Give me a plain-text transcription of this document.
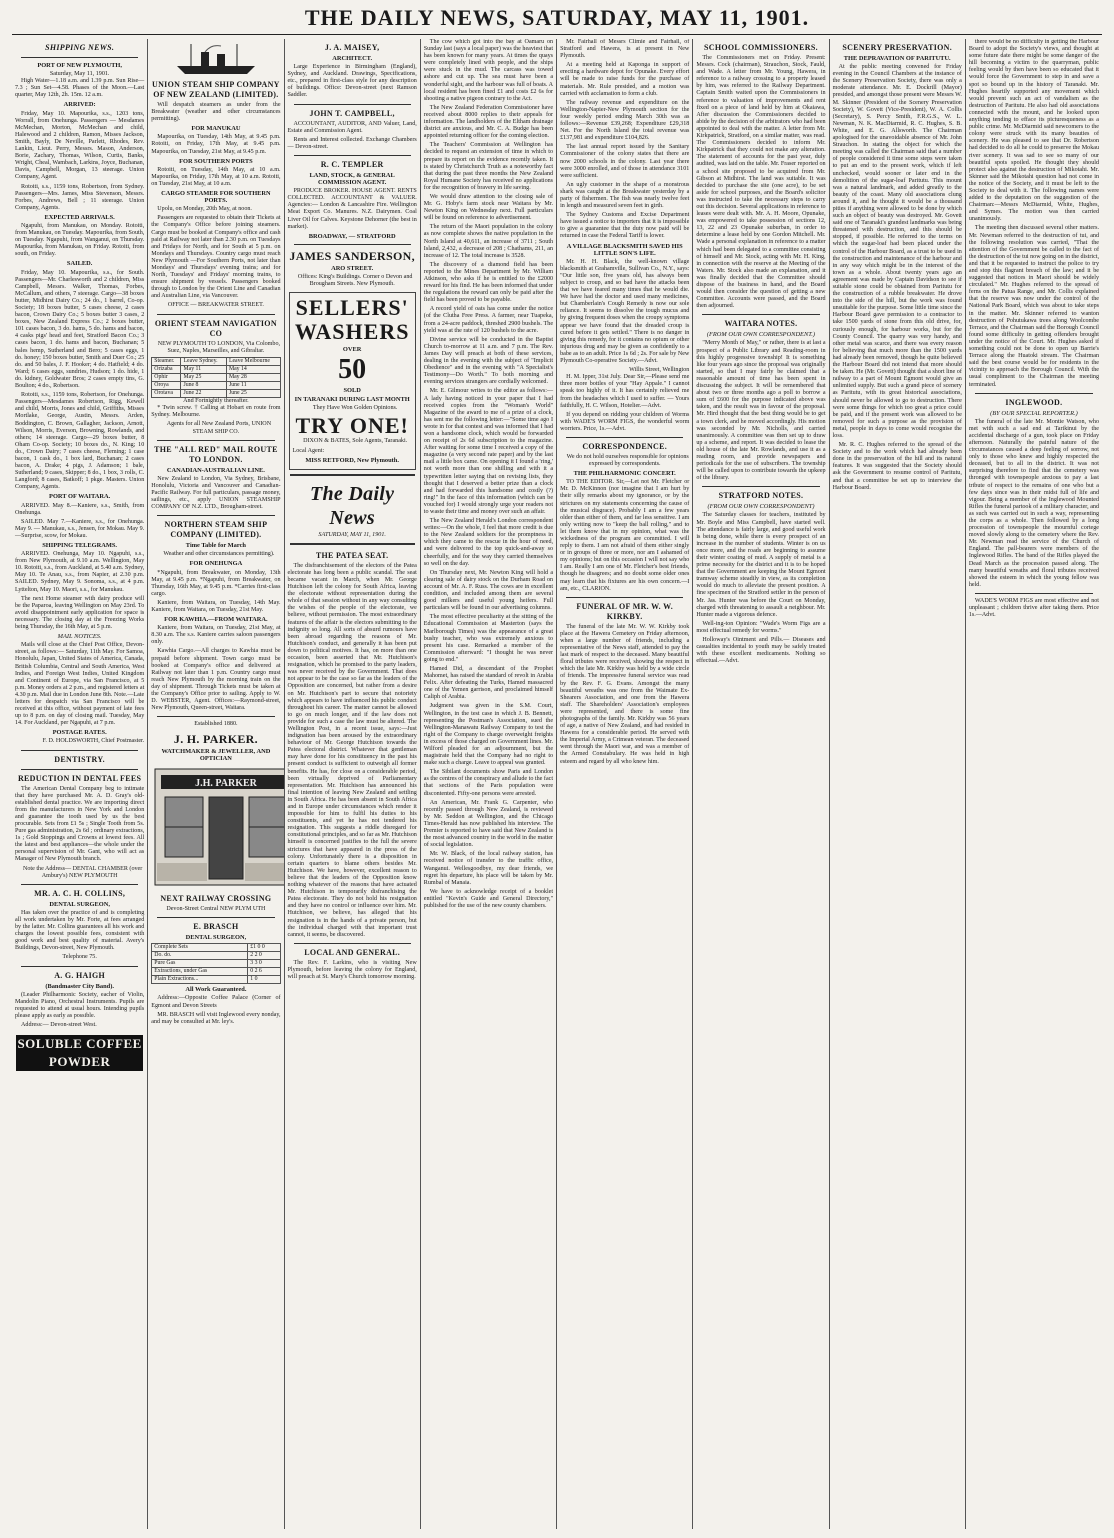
THE DAILY NEWS, SATURDAY, MAY 11, 1901.
SHIPPING NEWS.
PORT OF NEW PLYMOUTH,
Saturday, May 11, 1901.

High Water—1.18 a.m. and 1.39 p.m. Sun Rise—7.3 ; Sun Set—4.58. Phases of the Moon.—Last quarter, May 12th, 2h. 15m. 12 a.m.

ARRIVED:

Friday, May 10. Mapourika, s.s., 1203 tons, Worrall, from Onehunga. Passengers — Mesdames McMechan, Morton, McMechan and child, Halewood and 2 children, Ramon, Misses Jackson, Smith, Bayly, De Neville, Parlett, Rhodes, Rev. Lankin, Lieut. Perry, Messrs. Mason, Anderson, Borie, Zachary, Thomas, Wilson, Curtis, Banks, Wright, Cheal, Wambach, Larkins, Joyce, Buchanan, Davis, Campbell, Morgan, 13 steerage. Union Company, Agent.

Rotoiti, s.s., 1159 tons, Robertson, from Sydney. Passengers—Mrs. James, Miss Stevenson, Messrs. Forbes, Andrews, Bell ; 11 steerage. Union Company, Agents.

EXPECTED ARRIVALS.

Ngapuhi, from Manukau, on Monday. Rotoiti, from Manukau, on Tuesday. Mapourika, from South, on Tuesday. Ngapuhi, from Wanganui, on Thursday. Mapourika, from Manukau, on Friday. Rotoiti, from south, on Friday.

SAILED.

Friday, May 10. Mapourika, s.s., for South. Passengers—Mr. Charlesworth and 2 children, Miss Campbell, Messrs. Walker, Thomas, Forbes, McCallum, and others, 7 steerage. Cargo—38 boxes butter, Midhirst Dairy Co.; 24 do., 1 barrel, Co-op. Society; 18 boxes butter, 5 cases cheese, 2 cases bacon, Crown Dairy Co.; 5 boxes butter 3 cases, 2 boxes, New Zealand Express Co.; 2 boxes butter, 101 cases bacon, 3 do. hams, 5 do. hams and bacon, 4 casks pigs' head and feet, Stratford Bacon Co.; 3 cases bacon, 1 do. hams and bacon, Buchanan; 5 bales hemp, Sutherland and Bero; 5 cases eggs, 1 do. honey; 150 boxes butter, Smith and Duer Co.; 25 do. and 50 bales, J. F. Hooker; 4 do. Hatfield; 4 do. Ward; 6 cases eggs, sundries, Hudson; 1 do. hide, 1 do. kidney, Goldwater Bros; 2 cases empty tins, G. Boulton; 4 do., Robertson.

Rotoiti, s.s., 1159 tons, Robertson, for Onehunga. Passengers—Mesdames Robertson, Rigg, Kewell and child, Morris, Jones and child, Griffiths, Misses Mortlake, George, Austin, Messrs. Arden, Boddington, C. Brown, Gallagher, Jackson, Arnott, Wilson, Morris, Everson, Browning, Rowlands, and others; 14 steerage. Cargo—29 boxes butter, 8 Oham Co-op. Society; 10 boxes do., N. King; 10 do., Crown Dairy; 7 cases cheese, Fleming; 1 case bacon, 1 cask do., 1 box lard, Buchanan; 2 cases bacon, A. Drake; 4 pigs, J. Adamson; 1 bale, Sutherland; 9 cases, Skipper; 8 do., 1 box, 3 rolls, C. Langford; 8 cases, Batkoff; 1 pkge. Masters. Union Company, Agents.

PORT OF WAITARA.

ARRIVED. May 8.—Kaniere, s.s., Smith, from Onehunga.

SAILED. May 7.—Kaniere, s.s., for Onehunga. May 9. — Manukau, s.s., Jensen, for Mokau. May 9.—Surprise, scow, for Mokau.

SHIPPING TELEGRAMS.

ARRIVED. Onehunga, May 10. Ngapuhi, s.s., from New Plymouth, at 9.10 a.m. Wellington, May 10. Rotoiti, s.s., from Auckland, at 5.40 a.m. Sydney, May 10. Te Anau, s.s., from Napier, at 2.30 p.m. SAILED. Sydney, May 9. Sonoma, s.s., at 4 p.m. Lyttelton, May 10. Maori, s.s., for Manukau.

The next Home steamer with dairy produce will be the Paparoa, leaving Wellington on May 23rd. To avoid disappointment early application for space is necessary. The closing day at the Freezing Works being Thursday, the 16th May, at 5 p.m.

MAIL NOTICES.

Mails will close at the Chief Post Office, Devon-street, as follows:— Saturday, 11th May. For Samoa, Honolulu, Japan, United States of America, Canada, British Columbia, Central and South America, West Indies, and Foreign West Indies, United Kingdom and Continent of Europe, via San Francisco, at 5 p.m. Money orders at 2 p.m., and registered letters at 4.30 p.m. Mail due in London June 8th. Note.—Late letters for despatch via San Francisco will be received at this office, without payment of late fees up to 8 p.m. on day of closing mail. Tuesday, May 14. For Auckland, per Ngapuhi, at 7 p.m.

POSTAGE RATES.
F. D. HOLDSWORTH, Chief Postmaster.
DENTISTRY.
REDUCTION IN DENTAL FEES

The American Dental Company beg to intimate that they have purchased Mr. A. D. Gray's old-established dental practice. We are importing direct from the manufacturers in New York and London and guarantee the tooth used by us the best procurable. Sets from £1 5s ; Single Tooth from 5s. Pure gas administration, 2s 6d ; ordinary extractions, 1s ; Gold Stoppings and Crowns at lowest fees. All the latest and best appliances—the whole under the personal supervision of Mr. Gant, who will act as Manager of New Plymouth branch.

Note the Address— DENTAL CHAMBER (over Ambury's) NEW PLYMOUTH

MR. A. C. H. COLLINS,
DENTAL SURGEON,

Has taken over the practice of and is completing all work undertaken by Mr. Forte, at fees arranged by the latter. Mr. Collins guarantees all his work and charges the lowest possible fees, consistent with good work and best quality of material. Avery's Buildings, Devon-street, New Plymouth.

Telephone 75.
A. G. HAIGH
(Bandmaster City Band).

(Leader Philharmonic Society, eacher of Violin, Mandolin Piano, Orchestral Instruments. Pupils are requested to attend at usual hours. Intending pupils please apply as early as possible.

Address:— Devon-street West.

SOLUBLE COFFEE POWDER
UNION STEAM SHIP COMPANY OF NEW ZEALAND (LIMITED).

Will despatch steamers as under from the Breakwater (weather and other circumstances permitting).

FOR MANUKAU

Mapourika, on Tuesday, 14th May, at 9.45 p.m. Rotoiti, on Friday, 17th May, at 9.45 p.m. Mapourika, on Tuesday, 21st May, at 9.45 p.m.

FOR SOUTHERN PORTS

Rotoiti, on Tuesday, 14th May, at 10 a.m. Mapourika, on Friday, 17th May, at 10 a.m. Rotoiti, on Tuesday, 21st May, at 10 a.m.

CARGO STEAMER FOR SOUTHERN PORTS.

Upolu, on Monday, 20th May, at noon.

Passengers are requested to obtain their Tickets at the Company's Office before joining steamers. Cargo must be booked at Company's office and cash paid at Railway not later than 2.30 p.m. on Tuesdays and Fridays for North, and for South at 5 p.m. on Mondays and Thursdays. Country cargo must reach New Plymouth —For Southern Ports, not later than Mondays' and Thursdays' evening trains; and for North, Tuesdays' and Fridays' morning trains, to ensure shipment by vessels. Passengers booked through to London by the Orient Line and Canadian and Australian Line, via Vancouver.

OFFICE — BREAKWATER STREET.
ORIENT STEAM NAVIGATION CO

NEW PLYMOUTH TO LONDON, Via Colombo, Suez, Naples, Marseilles, and Gibraltar.

Steamer.	Leave Sydney.	Leave Melbourne
Orizaba	May 11	May 14
Ophir	May 25	May 28
Oroya	June 8	June 11
Orotava	June 22	June 25
And Fortnightly thereafter.

* Twin screw. † Calling at Hobart en route from Sydney. Melbourne.

Agents for all New Zealand Ports, UNION STEAM SHIP CO.

THE "ALL RED" MAIL ROUTE TO LONDON.
CANADIAN-AUSTRALIAN LINE.

New Zealand to London, Via Sydney, Brisbane, Honolulu, Victoria and Vancouver and Canadian-Pacific Railway. For full particulars, passage money, sailings, etc., apply UNION STEAMSHIP COMPANY OF N.Z. LTD., Brougham-street.

NORTHERN STEAM SHIP COMPANY (LIMITED).
Time Table for March

Weather and other circumstances permitting).

FOR ONEHUNGA

*Ngapuhi, from Breakwater, on Monday, 13th May, at 9.45 p.m. *Ngapuhi, from Breakwater, on Thursday, 16th May, at 9.45 p.m. *Carries first-class cargo.

Kaniere, from Waitara, on Tuesday, 14th May. Kaniere, from Waitara, on Tuesday, 21st May.

FOR KAWHIA.—FROM WAITARA.

Kaniere, from Waitara, on Tuesday, 21st May, at 8.30 a.m. The s.s. Kaniere carries saloon passengers only.

Kawhia Cargo.—All charges to Kawhia must be prepaid before shipment. Town cargo must be booked at Company's office and delivered at Railway not later than 1 p.m. Country cargo must reach New Plymouth by the morning train on the day of shipment. Through Tickets must be taken at the Company's Office prior to sailing. Apply to W. D. WEBSTER, Agent. Offices:—Raymond-street, New Plymouth, Queen-street, Waitara.

Established 1880.
J. H. PARKER.
WATCHMAKER & JEWELLER, AND OPTICIAN
J.H. PARKER
NEXT RAILWAY CROSSING
Devon-Street Central NEW PLYM UTH
E. BRASCH
DENTAL SURGEON,
Complete Sets	£1 0 0
Do. do.	2 2 0
Pure Gas	3 3 0
Extractions, under Gas	0 2 6
Plain Extractions...	1 0
All Work Guaranteed.

Address:—Opposite Coffee Palace (Corner of Egmont and Devon Streets

MR. BRASCH will visit Inglewood every nonday, and may be consulted at Mr. ley's.

J. A. MAISEY,
ARCHITECT.

Large Experience in Birmingham (England), Sydney, and Auckland. Drawings, Specifications, etc., prepared in first-class style for any description of buildings. Office: Devon-street (next Ramson Saddler.

JOHN T. CAMPBELL,

ACCOUNTANT, AUDITOR, AND Valuer, Land, Estate and Commission Agent.

Rents and Interest collected. Exchange Chambers — Devon-street.

R. C. TEMPLER
LAND, STOCK, & GENERAL COMMISSION AGENT.

PRODUCE BROKER. HOUSE AGENT. RENTS COLLECTED. ACCOUNTANT & VALUER. Agencies:— London & Lancashire Fire. Wellington Meat Export Co. Manures. N.Z. Dairymen. Coal Liver Oil for Calves. Keystone Dehorner (the best in market).

BROADWAY, — STRATFORD
JAMES SANDERSON,
ARO STREET.

Offices: King's Buildings. Corner o Devon and Brougham Streets. New Plymouth.

SELLERS'
WASHERS
OVER
50
SOLD
IN TARANAKI DURING LAST MONTH

They Have Won Golden Opinions.

TRY ONE!

DIXON & BATES, Sole Agents, Taranaki.

Local Agent:
MISS RETFORD, New Plymouth.
The Daily News
SATURDAY, MAY 11, 1901.
THE PATEA SEAT.

The disfranchisement of the electors of the Patea electorate has long been a public scandal. The seat became vacant in March, when Mr. George Hutchison left the colony for South Africa, leaving the electorate without representation during the whole of that session without in any way consulting the wishes of the people of the electorate, we believe, without permission. The most extraordinary features of the affair is the electors submitting to the indignity so long. All sorts of absurd rumours have been abroad regarding the reasons of Mr. Hutchison's conduct, and generally it has been put down to political motives. It has, on more than one occasion, been asserted that Mr. Hutchison's resignation, which he promised to the party leaders, was never received by the Government. That does not appear to be the case so far as the leaders of the Opposition are concerned, but rather from a desire on Mr. Hutchison's part to secure that notoriety which appears to have influenced his public conduct throughout his career. The matter cannot be allowed to go on much longer, and if the law does not provide for such a case the law must be altered. The Wellington Post, in a recent issue, says:—Just indignation has been aroused by the extraordinary behaviour of Mr. George Hutchison towards the Patea electoral district. Whatever that gentleman may have done for his constituency in the past his present conduct is sufficient to outweigh all former benefits. He has, for close on a considerable period, been virtually deprived of Parliamentary representation. Mr. Hutchison has announced his final intention of leaving New Zealand and settling in South Africa. He has been absent in South Africa and in Europe under circumstances which render it impossible for him to fulfil his duties to his constituents, and yet he has not tendered his resignation. This suggests a riddle disregard for constitutional principles, and so far as Mr. Hutchison himself is concerned justifies to the full the severe strictures that have appeared in the press of the colony. Unfortunately there is a disposition in certain quarters to blame others besides Mr. Hutchison. We have, however, excellent reason to believe that the leaders of the Opposition know nothing whatever of the reasons that have actuated Mr. Hutchison in temporarily disfranchising the Patea electorate. They do not hold his resignation and they have no control or influence over him. Mr. Hutchison, we believe, has alleged that his resignation is in the hands of a private person, but the individual charged with that important trust cannot, it seems, be discovered.

LOCAL AND GENERAL.

The Rev. F. Larkins, who is visiting New Plymouth, before leaving the colony for England, will preach at St. Mary's Church tomorrow morning.

The cow which got into the bay at Oamaru on Sunday last (says a local paper) was the heaviest that has been known for many years. At times the quays were completely lined with people, and the ships were stuck in the mud. The carcass was towed ashore and cut up. The sea must have been a wonderful sight, and the harbour was full of boats. A local resident has been fined £1 and costs £2 6s for shooting a native pigeon contrary to the Act.

The New Zealand Federation Commissioner have received about 8000 replies to their appeals for information. The landholders of the Eltham drainage district are anxious, and Mr. C. A. Budge has been appointed returning officer for the coming election.

The Teachers' Commission at Wellington has decided to request an extension of time in which to prepare its report on the evidence recently taken. It is stated by Christchurch Truth as a noteworthy fact that during the past three months the New Zealand Royal Humane Society has received no applications for the recognition of bravery in life saving.

We would draw attention to the closing sale of Mr. G. Hoby's farm stock near Waitara by Mr. Newton King on Wednesday next. Full particulars will be found on reference to advertisement.

The return of the Maori population in the colony as now complete shows the native population in the North Island at 40,611, an increase of 3711 ; South Island, 2,432, a decrease of 208 ; Chathams, 211, an increase of 12. The total increase is 3528.

The discovery of a diamond field has been reported to the Mines Department by Mr. William Atkinson, who asks if he is entitled to the £2000 reward for his find. He has been informed that under the regulations the reward can only be paid after the field has been proved to be payable.

A record yield of oats has come under the notice (of the Clutha Free Press. A farmer, near Tuapeka, from a 24-acre paddock, threshed 2900 bushels. The yield was at the rate of 120 bushels to the acre.

Divine service will be conducted in the Baptist Church to-morrow at 11 a.m. and 7 p.m. The Rev. James Day will preach at both of these services, dealing in the evening with the subject of "Implicit Obedience" and in the evening with "A Specialist's Testimony—Do Worth." To both morning and evening services strangers are cordially welcomed.

Mr. E. Gilmour writes to the editor as follows:—A lady having noticed in your paper that I had received copies from the "Woman's World" Magazine of the award to me of a prize of a clock, has sent me the following letter:—"Some time ago I wrote in for that contest and was informed that I had won a handsome clock, which would be forwarded on receipt of 2s 6d subscription to the magazine. After waiting for some time I received a copy of the magazine (a very second rate paper) and by the last mail a little box came. On opening it I found a 'ring,' not worth more than one shilling and with it a typewritten letter saying that on revising lists, they thought that I deserved a better prize than a clock and had forwarded this handsome and costly (?) ring!" In the face of this information (which can be vouched for) I would strongly urge your readers not to waste their time and money over such an affair.

The New Zealand Herald's London correspondent writes:—On the whole, I feel that more credit is due to the New Zealand soldiers for the promptness in which they came to the rescue in the hour of need, and were delivered to the top quick-and-away so cheerfully, and for the way they carried themselves so well on the day.

On Thursday next, Mr. Newton King will hold a clearing sale of dairy stock on the Durham Road on account of Mr. A. F. Russ. The cows are in excellent condition, and included among them are several good milkers and useful young heifers. Full particulars will be found in our advertising columns.

The most effective peculiarity at the sitting of the Educational Commission at Masterton (says the Marlborough Times) was the appearance of a great bushy teacher, who was extremely anxious to present his case. Remarked a member of the Commission afterward: "I thought he was never going to end."

Hamed Did, a descendant of the Prophet Mahomet, has raised the standard of revolt in Arabia Felix. After defeating the Turks, Hamed massacred one of the Yemen garrison, and proclaimed himself Caliph of Arabia.

Judgment was given in the S.M. Court, Wellington, in the test case in which J. B. Bennett, representing the Postman's Association, sued the Wellington-Manawatu Railway Company to test the right of the Company to charge overweight freights in excess of those charged on Government lines. Mr. Wilford pleaded for an adjournment, but the magistrate held that the Company had no right to make such a charge. Leave to appeal was granted.

The Sibilant documents show Paris and London as the centres of the conspiracy and allude to the fact that sections of the Paris population were discontented. Fifty-one persons were arrested.

An American, Mr. Frank G. Carpenter, who recently passed through New Zealand, is reviewed by Mr. Seddon at Wellington, and the Chicago Times-Herald has now published his interview. The Premier is reported to have said that New Zealand is the most advanced country in the world in the matter of social legislation.

Mr. W. Black, of the local railway station, has received notice of transfer to the traffic office, Wanganui. Wellesgoodbye, my dear friends, we regret his departure, his place will be taken by Mr. Rumbal of Manaia.

We have to acknowledge receipt of a booklet entitled "Kevin's Guide and General Directory," published for the use of the new county chambers.

Mr. Fairhall of Messrs Climie and Fairhall, of Stratford and Hawera, is at present in New Plymouth.

At a meeting held at Kaponga in support of erecting a hardware depot for Opunake. Every effort will be made to raise funds for the purchase of materials. Mr. Rule presided, and a motion was carried with acclamation to form a club.

The railway revenue and expenditure on the Wellington-Napier-New Plymouth section for the four weekly period ending March 30th was as follows:—Revenue £39,268; Expenditure £29,318 Net. For the North Island the total revenue was £137,981 and expenditure £104,826.

The last annual report issued by the Sanitary Commissioner of the colony states that there are now 2000 schools in the colony. Last year there were 3000 enrolled, and of those in attendance 3101 were sufficient.

An ugly customer in the shape of a monstrous shark was caught at the Breakwater yesterday by a party of fishermen. The fish was nearly twelve feet in length and measured seven feet in girth.

The Sydney Customs and Excise Department have issued a notice to importers that it is impossible to give a guarantee that the duty now paid will be returned in case the Federal Tariff is lower.

A VILLAGE BLACKSMITH SAVED HIS LITTLE SON'S LIFE.

Mr. H. H. Black, the well-known village blacksmith at Grahamville, Sullivan Co., N.Y., says: "Our little son, five years old, has always been subject to croup, and so bad have the attacks been that we have feared many times that he would die. We have had the doctor and used many medicines, but Chamberlain's Cough Remedy is now our sole reliance. It seems to dissolve the tough mucus and by giving frequent doses when the croupy symptoms appear we have found that the dreaded croup is cured before it gets settled." There is no danger in giving this remedy, for it contains no opium or other injurious drug and may be given as confidently to a babe as to an adult. Price 1s 6d ; 2s. For sale by New Plymouth Co-operative Society.—Advt.

Willis Street, Wellington

H. M. Ipper, 31st July. Dear Sir,—Please send me three more bottles of your "Hay Appale." I cannot speak too highly of it. It has certainly relieved me from the headaches which I used to suffer. — Yours faithfully, H. C. Wilson, Hotelier.—Advt.

If you depend on ridding your children of Worms with WADE'S WORM FIGS, the wonderful worm worriers. Price, 1s.—Advt.

CORRESPONDENCE.

We do not hold ourselves responsible for opinions expressed by correspondents.

THE PHILHARMONIC CONCERT.

TO THE EDITOR. Sir,—Let not Mr. Fletcher or Mr. D. McKinnon (nor imagine that I am hurt by their silly remarks about my ignorance, or by the strictures on my statements concerning the cause of the musical disgrace). Probably I am a few years older than either of them, and far less sensitive. I am only writing now to "keep the ball rolling," and to let them know that in my opinion, what was the wickedness of the program are committed. I will reply to them. I am not afraid of them either singly or in groups of three or more, nor am I ashamed of my opinions; but on this occasion I will not say who I am. Really I am one of Mr. Fletcher's best friends, though he disagrees; and no doubt some older ones may learn that his fixtures are his own concern.—I am, etc., CLARION.

FUNERAL OF MR. W. W. KIRKBY.

The funeral of the late Mr. W. W. Kirkby took place at the Hawera Cemetery on Friday afternoon, when a large number of friends, including a representative of the News staff, attended to pay the last mark of respect to the deceased. Many beautiful floral tributes were received, showing the respect in which the late Mr. Kirkby was held by a wide circle of friends. The impressive funeral service was read by the Rev. F. G. Evans. Amongst the many beautiful wreaths was one from the Waimate Ex-Shearers Association, and one from the Hawera staff. The Shareholders' Association's employees were represented, and there is some fine photographs of the family. Mr. Kirkby was 56 years of age, a native of New Zealand, and had resided in Hawera for a considerable period. He served with the Imperial Army, a Crimean veteran. The deceased went through the Maori war, and was a member of the Armed Constabulary. He was held in high esteem and regard by all who knew him.

SCHOOL COMMISSIONERS.

The Commissioners met on Friday. Present: Messrs. Cock (chairman), Strauchon, Stock, Fauld, and Wade. A letter from Mr. Young, Hawera, in reference to a railway crossing to a property leased by him, was referred to the Railway Department. Captain Smith waited upon the Commissioners in reference to valuation of improvements and rent fixed on a piece of land held by him at Okaiawa, After discussion the Commissioners decided to abide by the decision of the arbitrators who had been appointed to deal with the matter. A letter from Mr. Kirkpatrick, Stratford, on a similar matter, was read. The Commissioners decided to inform Mr. Kirkpatrick that they could not make any alteration. The statement of accounts for the past year, duly audited, was laid on the table. Mr. Fraser reported on a school site proposed to be acquired from Mr. Gibson at Midhirst. The land was suitable. It was decided to purchase the site (one acre), to be set aside for school purposes, and the Board's solicitor was instructed to take the necessary steps to carry out this decision. Several applications in reference to leases were dealt with. Mr. A. H. Moore, Opunake, was empowered to take possession of sections 12, 13, 22 and 23 Opunake suburban, in order to determine a lease held by one Gordon Mitchell. Mr. Wade a personal explanation in reference to a matter which had been delegated to a committee consisting of himself and Mr. Stock, acting with Mr. H. King, in connection with the reserve at the Meeting of the Waters. Mr. Stock also made an explanation, and it was finally decided that the Committee should dispose of the business in hand, and the Board would then consider the question of getting a new Committee. Accounts were passed, and the Board then adjourned.

WAITARA NOTES.
(FROM OUR OWN CORRESPONDENT.)

"Merry Month of May," or rather, there is at last a prospect of a Public Library and Reading-room in this highly progressive township! It is something like four years ago since the proposal was originally started, so that I may fairly be claimed that a reasonable amount of time has been spent in discussing the subject. It will be remembered that about two or three months ago a poll to borrow a sum of £600 for the purpose indicated above was taken, and the result was in favour of the proposal. Mr. Hird thought that the best thing would be to get a town clerk, and he moved accordingly. His motion was seconded by Mr. Nicholls, and carried unanimously. A committee was then set up to draw up a scheme, and report. It was decided to lease the old house of the late Mr. Rowlands, and use it as a reading room, and provide newspapers and periodicals for the use of subscribers. The township will be called upon to contribute towards the upkeep of the library.

STRATFORD NOTES.
(FROM OUR OWN CORRESPONDENT)

The Saturday classes for teachers, instituted by Mr. Boyle and Miss Campbell, have started well. The attendance is fairly large, and good useful work is being done, while there is every prospect of an increase in the number of students. Winter is on us once more, and the roads are beginning to assume their winter coating of mud. A supply of metal is a prime necessity for the district and it is to be hoped that the Government are keeping the Mount Egmont tramway scheme steadily in view, as its completion would do much to alleviate the present position. A fine specimen of the Stratford settler in the person of Mr. Jas. Hunter was before the Court on Monday, charged with threatening to assault a neighbour. Mr. Hunter made a vigorous defence.

Well-ing-ton Opinion: "Wade's Worm Figs are a most effectual remedy for worms."

Holloway's Ointment and Pills.— Diseases and casualties incidental to youth may be safely treated with these excellent medicaments. Nothing so effectual.—Advt.

SCENERY PRESERVATION.
THE DEPRAVATION OF PARITUTU.

At the public meeting convened for Friday evening in the Council Chambers at the instance of the Scenery Preservation Society, there was only a moderate attendance. Mr. E. Dockrill (Mayor) presided, and amongst those present were Messrs W. M. Skinner (President of the Scenery Preservation Society), W. Govett (Vice-President), W. A. Collis (Secretary), S. Percy Smith, F.R.G.S., W. L. Newman, N. K. MacDiarmid, R. C. Hughes, S. B. White, and E. G. Allsworth. The Chairman apologised for the unavoidable absence of Mr. John Strauchon. In stating the object for which the meeting was called the Chairman said that a number of people considered it time some steps were taken to put an end to the present work, which if left unchecked, would sooner or later end in the demolition of the sugar-loaf Paritutu. This mount was a natural landmark, and added greatly to the beauty of the coast. Many old associations clung around it, and he thought it would be a thousand pities if anything were allowed to be done by which such an object of beauty was destroyed. Mr. Govett said one of Taranaki's grandest landmarks was being threatened with destruction, and this should be stopped, if possible. He referred to the terms on which the sugar-loaf had been placed under the control of the Harbour Board, as a trust to be used in the construction and maintenance of the harbour and in any way which might be in the interest of the town as a whole. About twenty years ago an agreement was made by Captain Davidson to see if suitable stone could be obtained from Paritutu for the construction of a rubble breakwater. He drove into the side of the hill, but the work was found unsuitable for the purpose. Some little time since the Harbour Board gave permission to a contractor to take 1500 yards of stone from this old drive, for, curiously enough, for harbour works, but for the County Council. The quarry was very handy, and other metal was scarce, and there was every reason for believing that much more than the 1500 yards had already been removed, though he quite believed the Harbour Board did not intend that more should be taken. He (Mr. Govett) thought that a short line of railway to a part of Mount Egmont would give an unlimited supply. But such a grand piece of scenery as Paritutu, with its great historical associations, should never be allowed to go to destruction. There were some things for which too great a price could be paid, and if the present work was allowed to be removed for such a purpose as the provision of metal, people in days to come would recognise the loss.

Mr. R. C. Hughes referred to the spread of the Society and to the work which had already been done in the preservation of the hill and its natural features. It was suggested that the Society should ask the Government to resume control of Paritutu, and that a committee be set up to interview the Harbour Board.

there would be no difficulty in getting the Harbour Board to adopt the Society's views, and thought at some future date there might be some danger of the hill becoming a victim to the quarryman, public feeling would by then have been so educated that it would force the Government to step in and save a spot so bound up in the history of Taranaki. Mr. Hughes heartily supported any movement which would prevent such an act of vandalism as the destruction of Paritutu. He also had old associations connected with the mount, and he looked upon anything tending to efface its picturesqueness as a public crime. Mr. McDiarmid said newcomers to the colony were struck with its many beauties of scenery. He was pleased to see that Dr. Robertson had decided to do all he could to preserve the Mokau river scenery. It was sad to see so many of our beautiful spots spoiled. He thought they should protect also against the destruction of Mikotahi. Mr. Skinner said the Mikotahi question had not come in the notice of the Society, and it must be left to the Society to deal with it. The following names were added to the deputation on the suggestion of the Chairman:—Messrs McDiarmid, White, Hughes, and Symes. The motion was then carried unanimously.

The meeting then discussed several other matters. Mr. Newman referred to the destruction of tui, and the following resolution was carried, "That the attention of the Government be called to the fact of the destruction of the tui now going on in the district, and that it be requested to instruct the police to try and stop this flagrant breach of the law; and it be suggested that notices in Maori should be widely circulated." Mr. Hughes referred to the spread of ferns on the Patua Range, and Mr. Collis explained that the reserve was now under the control of the National Park Board, which was about to take steps in the matter. Mr. Skinner referred to wanton destruction of Pohutukawa trees along Woolcombe Terrace, and the Chairman said the Borough Council found some difficulty in getting offenders brought under the notice of the Court. Mr. Hughes asked if something could not be done to open up Barrie's Terrace along the Huatoki stream. The Chairman said the best course would be for residents in the vicinity to approach the Borough Council. With the usual compliment to the Chairman the meeting terminated.

INGLEWOOD.
(BY OUR SPECIAL REPORTER.)

The funeral of the late Mr. Montie Watson, who met with such a sad end at Tarikinui by the accidental discharge of a gun, took place on Friday afternoon. Naturally the painful nature of the circumstances caused a deep feeling of sorrow, not only to those who knew and highly respected the deceased, but to all in the district. It was not surprising therefore to find that the cemetery was thronged with townspeople anxious to pay a last tribute of respect to the remains of one who but a few days since was in their midst full of life and vigour. Being a member of the Inglewood Mounted Rifles the funeral partook of a military character, and as such was carried out in such a way, representing the corps as a whole. Then followed by a long procession of townspeople the mournful cortege moved slowly along to the cemetery where the Rev. Mr. Newman read the service of the Church of England. The pall-bearers were members of the Inglewood Rifles. The band of the Rifles played the Dead March as the procession passed along. The many beautiful wreaths and floral tributes received showed the esteem in which the young fellow was held.

WADE'S WORM FIGS are most effective and not unpleasant ; children thrive after taking them. Price 1s.—Advt.
